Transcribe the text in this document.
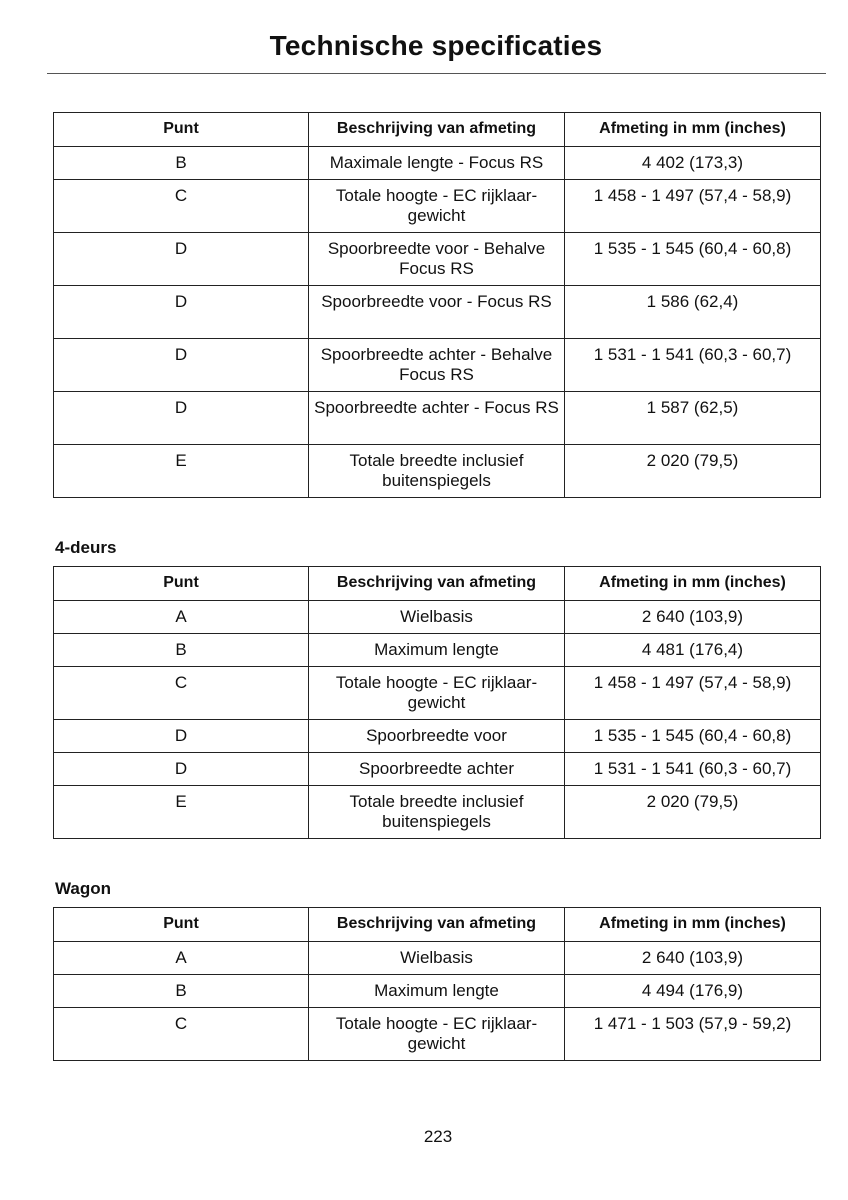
Technische specificaties
Punt	Beschrijving van afmeting	Afmeting in mm (inches)
B	Maximale lengte - Focus RS	4 402 (173,3)
C	Totale hoogte - EC rijklaar-gewicht	1 458 - 1 497 (57,4 - 58,9)
D	Spoorbreedte voor - Behalve Focus RS	1 535 - 1 545 (60,4 - 60,8)
D	Spoorbreedte voor - Focus RS	1 586 (62,4)
D	Spoorbreedte achter - Behalve Focus RS	1 531 - 1 541 (60,3 - 60,7)
D	Spoorbreedte achter - Focus RS	1 587 (62,5)
E	Totale breedte inclusief buitenspiegels	2 020 (79,5)
4-deurs
Punt	Beschrijving van afmeting	Afmeting in mm (inches)
A	Wielbasis	2 640 (103,9)
B	Maximum lengte	4 481 (176,4)
C	Totale hoogte - EC rijklaar-gewicht	1 458 - 1 497 (57,4 - 58,9)
D	Spoorbreedte voor	1 535 - 1 545 (60,4 - 60,8)
D	Spoorbreedte achter	1 531 - 1 541 (60,3 - 60,7)
E	Totale breedte inclusief buitenspiegels	2 020 (79,5)
Wagon
Punt	Beschrijving van afmeting	Afmeting in mm (inches)
A	Wielbasis	2 640 (103,9)
B	Maximum lengte	4 494 (176,9)
C	Totale hoogte - EC rijklaar-gewicht	1 471 - 1 503 (57,9 - 59,2)
223
